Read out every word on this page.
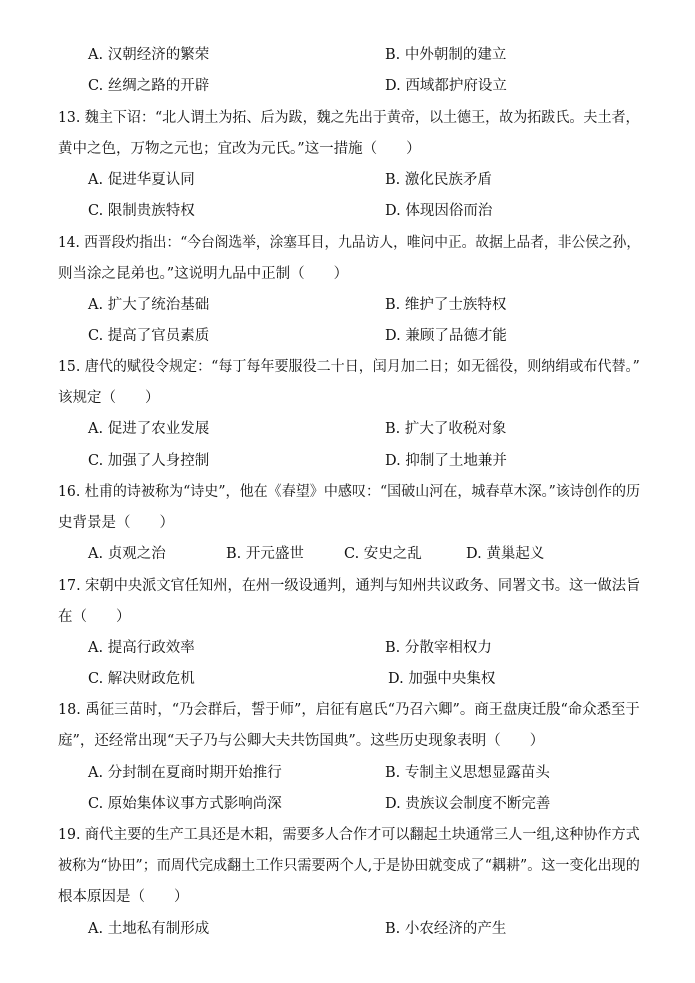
A. 汉朝经济的繁荣	B. 中外朝制的建立
C. 丝绸之路的开辟	D. 西域都护府设立
13. 魏主下诏：“北人谓土为拓、后为跋，魏之先出于黄帝，以土德王，故为拓跋氏。夫土者，
黄中之色，万物之元也；宜改为元氏。”这一措施（　　）
A. 促进华夏认同	B. 激化民族矛盾
C. 限制贵族特权	D. 体现因俗而治
14. 西晋段灼指出：“今台阁选举，涂塞耳目，九品访人，唯问中正。故据上品者，非公侯之孙，
则当涂之昆弟也。”这说明九品中正制（　　）
A. 扩大了统治基础	B. 维护了士族特权
C. 提高了官员素质	D. 兼顾了品德才能
15. 唐代的赋役令规定：“每丁每年要服役二十日，闰月加二日；如无徭役，则纳绢或布代替。”
该规定（　　）
A. 促进了农业发展	B. 扩大了收税对象
C. 加强了人身控制	D. 抑制了土地兼并
16. 杜甫的诗被称为“诗史”，他在《春望》中感叹：“国破山河在，城春草木深。”该诗创作的历
史背景是（　　）
A. 贞观之治	B. 开元盛世	C. 安史之乱	D. 黄巢起义
17. 宋朝中央派文官任知州，在州一级设通判，通判与知州共议政务、同署文书。这一做法旨
在（　　）
A. 提高行政效率	B. 分散宰相权力
C. 解决财政危机	D. 加强中央集权
18. 禹征三苗时，“乃会群后，誓于师”，启征有扈氏“乃召六卿”。商王盘庚迁殷“命众悉至于
庭”，还经常出现“天子乃与公卿大夫共饬国典”。这些历史现象表明（　　）
A. 分封制在夏商时期开始推行	B. 专制主义思想显露苗头
C. 原始集体议事方式影响尚深	D. 贵族议会制度不断完善
19. 商代主要的生产工具还是木耜，需要多人合作才可以翻起土块通常三人一组,这种协作方式
被称为“协田”；而周代完成翻土工作只需要两个人,于是协田就变成了“耦耕”。这一变化出现的
根本原因是（　　）
A. 土地私有制形成	B. 小农经济的产生
